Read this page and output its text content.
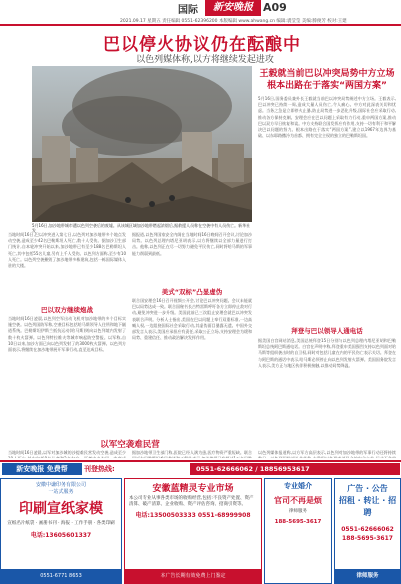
国际	新安晚报 A09
2021.09.17 星期五 责任编辑 0551-62396200 本版编辑 www.ahwang.cn 编辑:裘莹莹 美编:滕俊芳 校对:王建
巴以停火协议仍在酝酿中
以色列媒体称,以方将继续发起进攻
5月16日,加沙地带城市遭以色列空袭后的废墟。从该城区域加沙地带燃起浓烟后,据救援人员称在空袭中有人员伤亡。新华社发
王毅就当前巴以冲突局势中方立场 根本出路在于落实“两国方案”
5月16日,国务委员兼外长王毅就当前巴以冲突局势阐述中方立场。王毅表示,巴以冲突已持续一周,造成大量人员伤亡,令人痛心。中方对此深表关切和忧虑。当务之急是立即停火止暴,防止局势进一步恶化升级,国际社会应采取行动,推动各方保持克制。安理会应在巴以问题上采取有力行动,重申两国方案,推动巴以双方早日恢复和谈。中方支持联合国发挥应有作用,支持一切有利于和平解决巴以问题的努力。根本出路在于落实“两国方案”,建立以1967年边界为基础、以东耶路撒冷为首都、拥有完全主权的独立的巴勒斯坦国。
当地时间16日,巴以冲突进入第七日,以色列对加沙地带多个地点发动空袭,造成至少42名巴勒斯坦人死亡,数十人受伤。据加沙卫生部门统计,自本轮冲突开始以来,加沙地带已有至少188名巴勒斯坦人死亡,其中包括55名儿童,另有上千人受伤。以色列方面称,至少有10人死亡。以色列空袭摧毁了加沙地带多栋建筑,包括一栋国际媒体入驻的大楼。
巴以双方继续炮战
当地时间16日凌晨,以色列空军出动飞机对加沙地带的多个目标实施空袭。以色列国防军称,空袭目标包括哈马斯领导人住所和地下隧道系统。巴勒斯坦伊斯兰抵抗运动(哈马斯)则向以色列境内发射了数十枚火箭弹。以色列特拉维夫等城市响起防空警报。以军称,自10日以来,加沙方面已向以色列发射了约3000枚火箭弹。以色列方面表示,将继续在加沙地带展开军事行动,直至达成目标。
据报道,以色列国家安全内阁在当地时间16日晚间召开会议,讨论加沙局势。以色列总理内塔尼亚胡表示,以方将继续以全部力量进行打击。他称,以色列正在尽一切努力避免平民伤亡,同时将哈马斯的军事能力削弱到最低。
美式“双标”凸显虚伪
联合国安理会16日召开视频公开会,讨论巴以冲突问题。会议未能就巴以局势达成一致。联合国秘书长古特雷斯呼吁各方立即停止敌对行动,避免冲突进一步升级。美国此前已三次阻止安理会就巴以冲突发表联合声明。分析人士指出,美国在巴以问题上奉行双重标准,一边高喊人权,一边阻挠国际社会采取行动,其虚伪面目暴露无遗。中国外交部发言人表示,美国应承担应有责任,采取公正立场,支持安理会为缓和局势、重建信任、推动政治解决发挥作用。
拜登与巴以领导人通电话
据美国白宫网站消息,美国总统拜登15日分别与以色列总理内塔尼亚胡和巴勒斯坦总统阿巴斯通电话。白宫在声明中称,拜登重申美国强烈支持以色列面对哈马斯等组织袭击时的自卫权,同时对包括儿童在内的平民伤亡表示关切。拜登在与阿巴斯的通话中表示,哈马斯必须停止向以色列发射火箭弹。美国国务院发言人表示,美方正与地区伙伴积极接触,以推动局势降温。
以军空袭难民营
当地时间16日凌晨,以军对加沙城的沙提难民营发动空袭,造成至少 据加沙地带卫生部门称,医院已经人满为患,医疗物资严重短缺。联合 以色列媒体报道称,以方军方高层表示,以色列对加沙地带的军事行动还将持续
新安晚报 免费帮	刊登热线:	0551-62666062 / 18856953617
安徽中谦印务有限公司
一站式服务
印刷宣纸家模
宣纸名片纸袋 · 画册书刊 · 海报 · 工作手册 · 各类印刷
电话:13605601337
0551-6771 8653
安徽蓝精灵专业市场
本公司专业从事各类市场的收购经营,包括:不良资产处置、资产清算、破产清算、企业收购、资产评估咨询、招商引资等。
电话:13500503333 0551-68999908
本广告长期有效免费上门鉴定
专业婚介
官司不再是烦
律师服务
188-5695-3617
广告 · 公告
招租 · 转让 · 招聘
0551-62666062
188-5695-3617
律师服务
